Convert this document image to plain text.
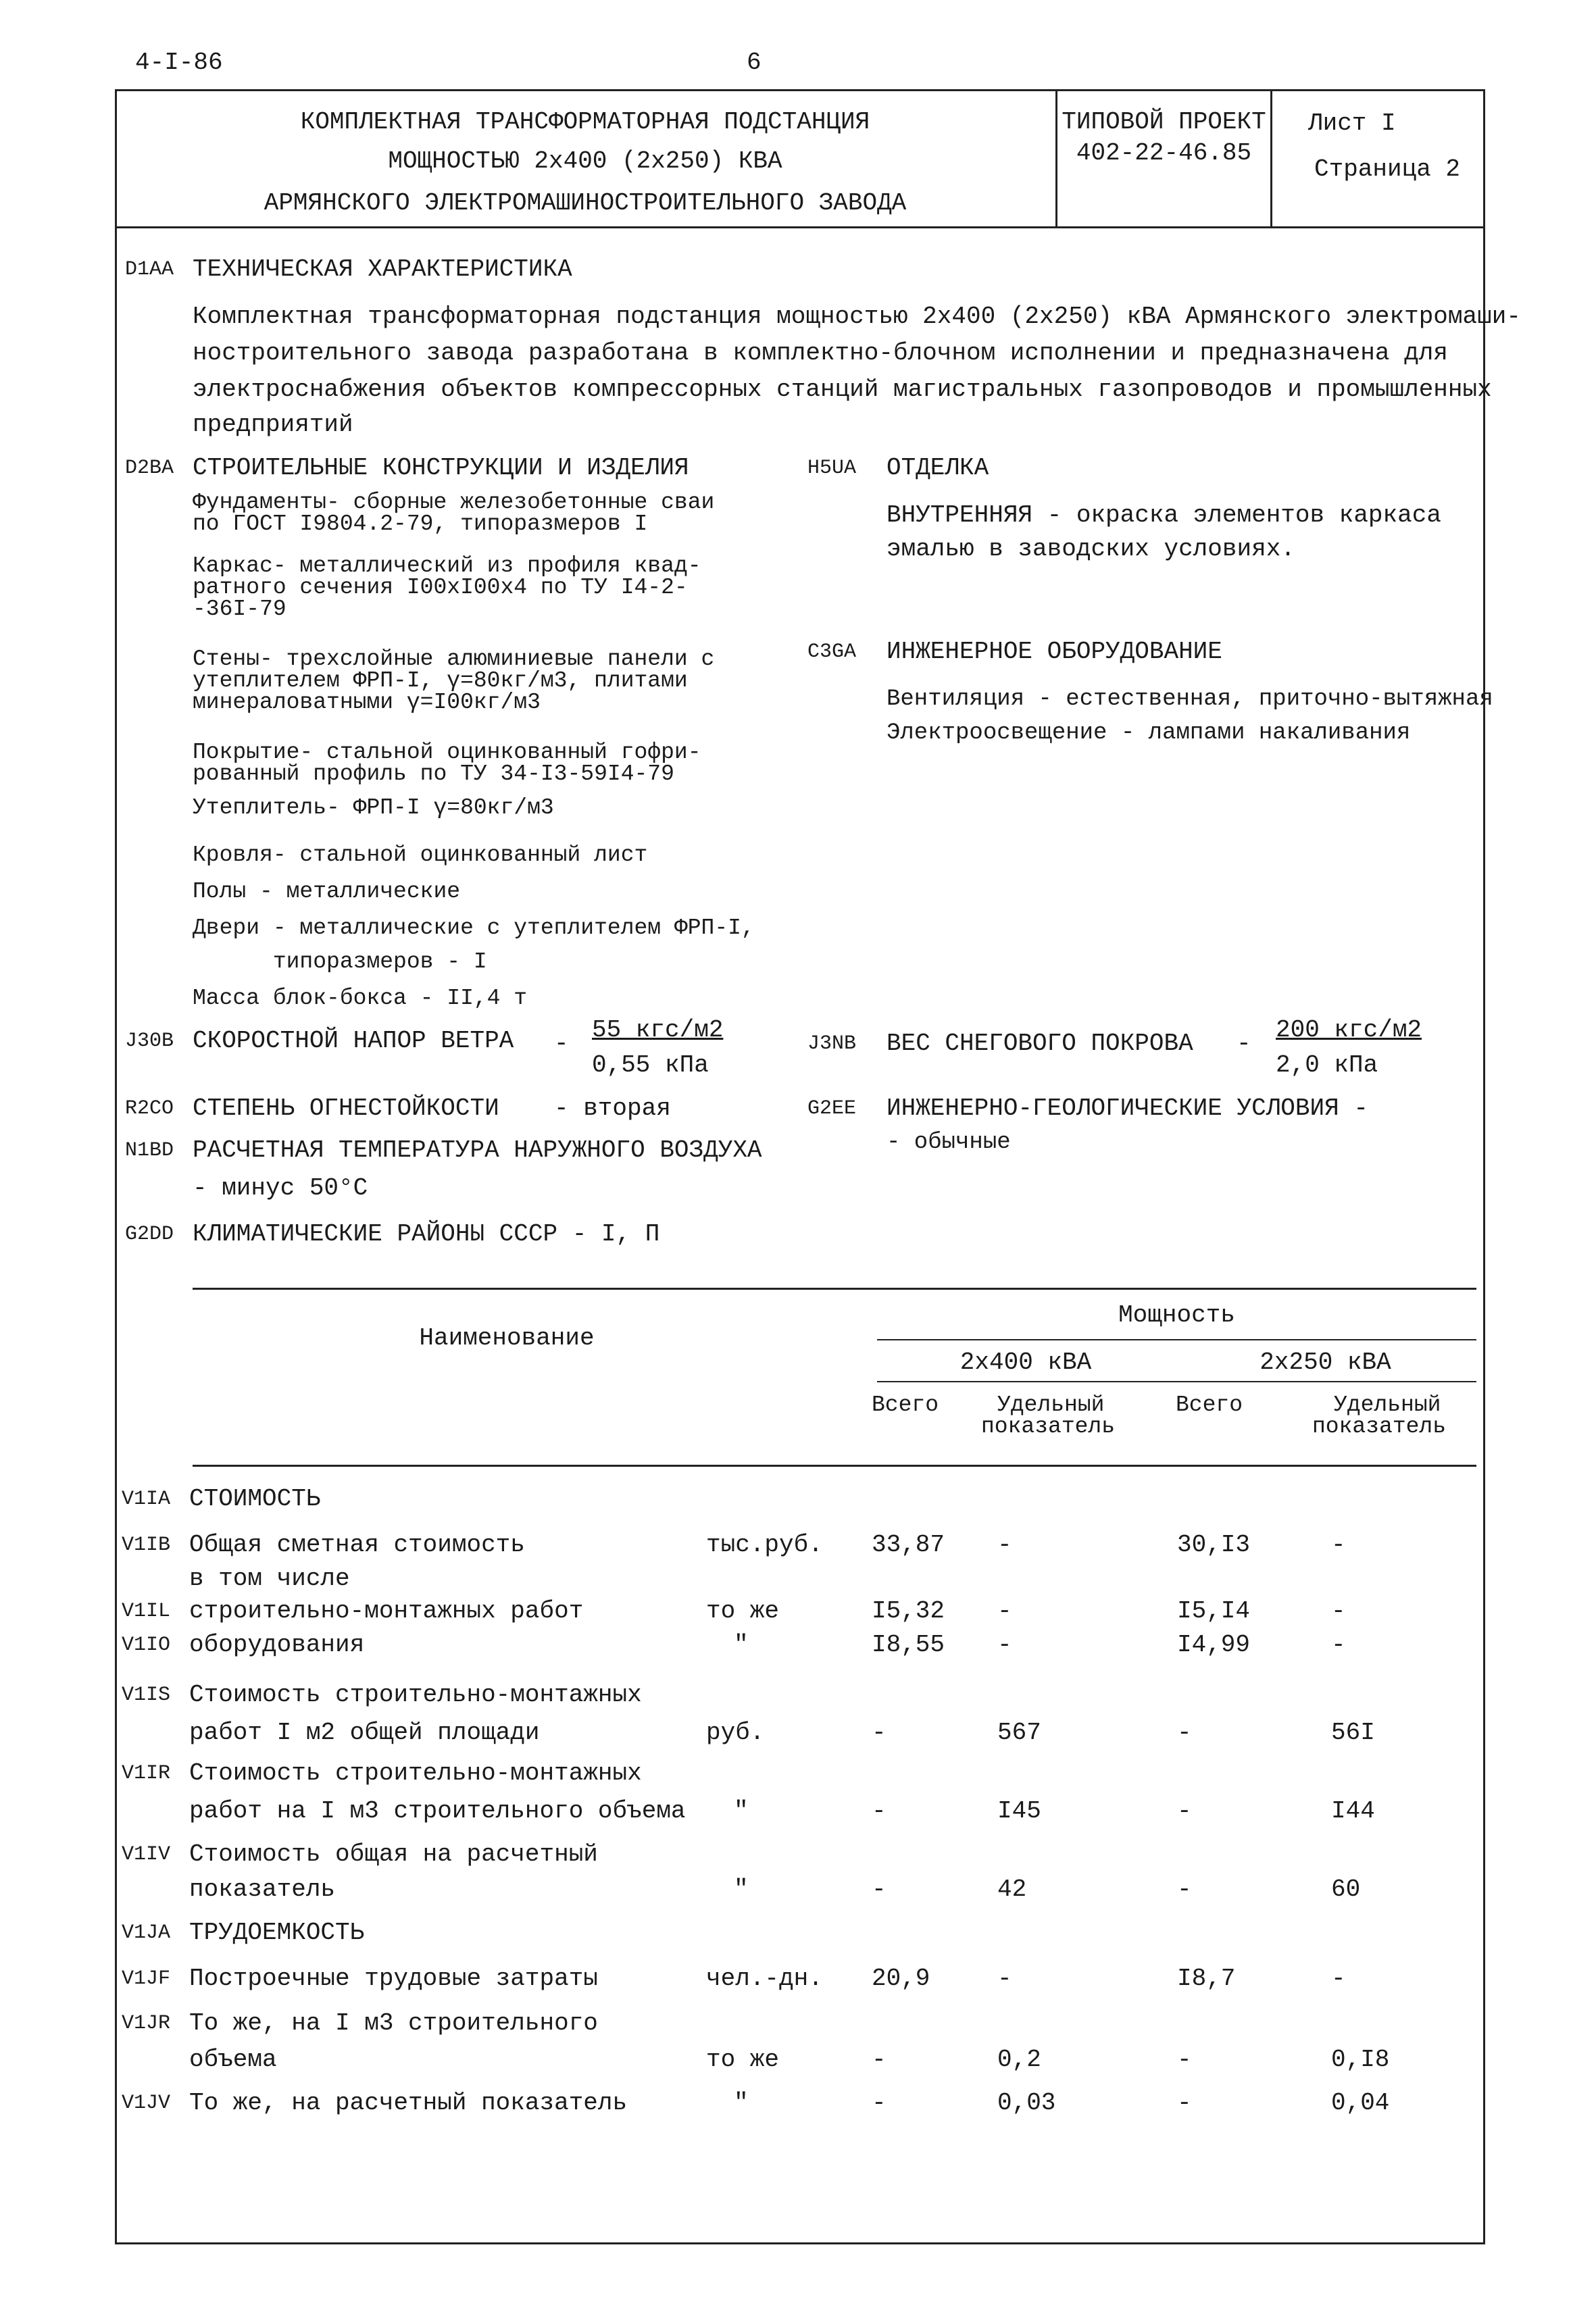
4-I-86	6
КОМПЛЕКТНАЯ ТРАНСФОРМАТОРНАЯ ПОДСТАНЦИЯ
МОЩНОСТЬЮ 2х400 (2х250) КВА
АРМЯНСКОГО ЭЛЕКТРОМАШИНОСТРОИТЕЛЬНОГО ЗАВОДА
ТИПОВОЙ ПРОЕКТ
402-22-46.85
Лист I
Страница 2
D1AA ТЕХНИЧЕСКАЯ ХАРАКТЕРИСТИКА
Комплектная трансформаторная подстанция мощностью 2х400 (2х250) кВА Армянского электромаши-
ностроительного завода разработана в комплектно-блочном исполнении и предназначена для
электроснабжения объектов компрессорных станций магистральных газопроводов и промышленных
предприятий
D2BA СТРОИТЕЛЬНЫЕ КОНСТРУКЦИИ И ИЗДЕЛИЯ
Фундаменты- сборные железобетонные сваи
по ГОСТ I9804.2-79, типоразмеров I
Каркас- металлический из профиля квад-
ратного сечения I00хI00х4 по ТУ I4-2-
-36I-79
Стены- трехслойные алюминиевые панели с
утеплителем ФРП-I, γ=80кг/м3, плитами
минераловатными γ=I00кг/м3
Покрытие- стальной оцинкованный гофри-
рованный профиль по ТУ 34-I3-59I4-79
Утеплитель- ФРП-I γ=80кг/м3
Кровля- стальной оцинкованный лист
Полы - металлические
Двери - металлические с утеплителем ФРП-I,
типоразмеров - I
Масса блок-бокса - II,4 т
H5UA ОТДЕЛКА
ВНУТРЕННЯЯ - окраска элементов каркаса
эмалью в заводских условиях.
C3GA ИНЖЕНЕРНОЕ ОБОРУДОВАНИЕ
Вентиляция - естественная, приточно-вытяжная
Электроосвещение - лампами накаливания
J30B СКОРОСТНОЙ НАПОР ВЕТРА - 55 кгс/м2
0,55 кПа
J3NB ВЕС СНЕГОВОГО ПОКРОВА - 200 кгс/м2
2,0 кПа
R2CO СТЕПЕНЬ ОГНЕСТОЙКОСТИ - вторая	G2EE ИНЖЕНЕРНО-ГЕОЛОГИЧЕСКИЕ УСЛОВИЯ -
- обычные
N1BD РАСЧЕТНАЯ ТЕМПЕРАТУРА НАРУЖНОГО ВОЗДУХА
- минус 50°С
G2DD КЛИМАТИЧЕСКИЕ РАЙОНЫ СССР - I, П
Наименование
Мощность
2х400 кВА	2х250 кВА
Всего	Удельный
показатель
Всего	Удельный
показатель
V1IA СТОИМОСТЬ
V1IB Общая сметная стоимость
в том числе
тыс.руб. 33,87 -	30,I3	-
V1IL строительно-монтажных работ	то же	I5,32 -	I5,I4	-
V1IO оборудования	"	I8,55 -	I4,99	-
V1IS Стоимость строительно-монтажных
работ I м2 общей площади	руб.	-	567	-	56I
V1IR Стоимость строительно-монтажных
работ на I м3 строительного объема "	-	I45	-	I44
V1IV Стоимость общая на расчетный
показатель	"	-	42	-	60
V1JA ТРУДОЕМКОСТЬ
V1JF Построечные трудовые затраты	чел.-дн. 20,9	-	I8,7	-
V1JR То же, на I м3 строительного
объема	то же	-	0,2	-	0,I8
V1JV То же, на расчетный показатель	"	-	0,03	-	0,04
